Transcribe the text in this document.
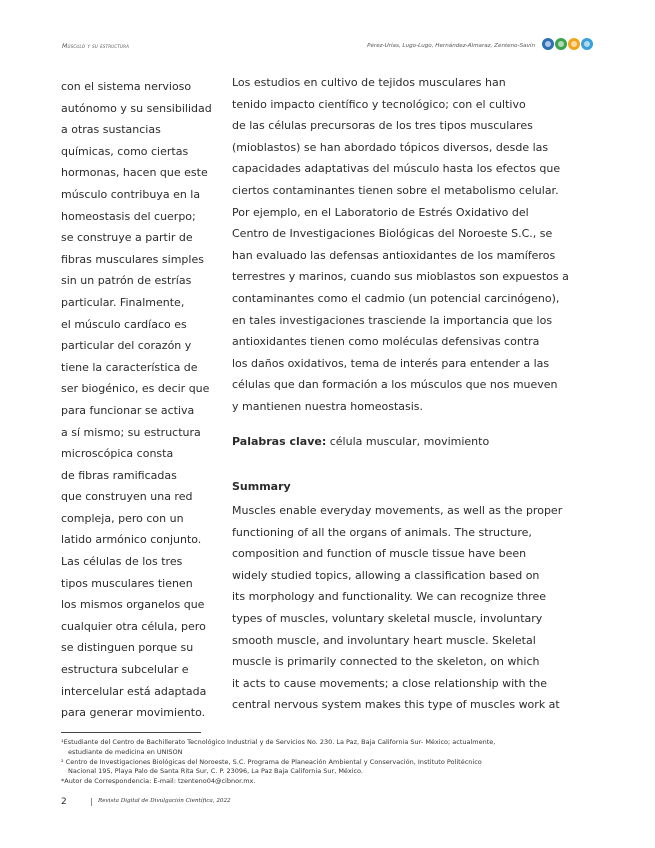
Músculo y su estructura	Pérez-Urías, Lugo-Lugo, Hernández-Almaraz, Zenteno-Savín
con el sistema nervioso
autónomo y su sensibilidad
a otras sustancias
químicas, como ciertas
hormonas, hacen que este
músculo contribuya en la
homeostasis del cuerpo;
se construye a partir de
fibras musculares simples
sin un patrón de estrías
particular. Finalmente,
el músculo cardíaco es
particular del corazón y
tiene la característica de
ser biogénico, es decir que
para funcionar se activa
a sí mismo; su estructura
microscópica consta
de fibras ramificadas
que construyen una red
compleja, pero con un
latido armónico conjunto.
Las células de los tres
tipos musculares tienen
los mismos organelos que
cualquier otra célula, pero
se distinguen porque su
estructura subcelular e
intercelular está adaptada
para generar movimiento.
Los estudios en cultivo de tejidos musculares han
tenido impacto científico y tecnológico; con el cultivo
de las células precursoras de los tres tipos musculares
(mioblastos) se han abordado tópicos diversos, desde las
capacidades adaptativas del músculo hasta los efectos que
ciertos contaminantes tienen sobre el metabolismo celular.
Por ejemplo, en el Laboratorio de Estrés Oxidativo del
Centro de Investigaciones Biológicas del Noroeste S.C., se
han evaluado las defensas antioxidantes de los mamíferos
terrestres y marinos, cuando sus mioblastos son expuestos a
contaminantes como el cadmio (un potencial carcinógeno),
en tales investigaciones trasciende la importancia que los
antioxidantes tienen como moléculas defensivas contra
los daños oxidativos, tema de interés para entender a las
células que dan formación a los músculos que nos mueven
y mantienen nuestra homeostasis.
Palabras clave: célula muscular, movimiento
Summary
Muscles enable everyday movements, as well as the proper
functioning of all the organs of animals. The structure,
composition and function of muscle tissue have been
widely studied topics, allowing a classification based on
its morphology and functionality. We can recognize three
types of muscles, voluntary skeletal muscle, involuntary
smooth muscle, and involuntary heart muscle. Skeletal
muscle is primarily connected to the skeleton, on which
it acts to cause movements; a close relationship with the
central nervous system makes this type of muscles work at
¹Estudiante del Centro de Bachillerato Tecnológico Industrial y de Servicios No. 230. La Paz, Baja California Sur- México; actualmente,
estudiante de medicina en UNISON
² Centro de Investigaciones Biológicas del Noroeste, S.C. Programa de Planeación Ambiental y Conservación, Instituto Politécnico
Nacional 195, Playa Palo de Santa Rita Sur, C. P. 23096, La Paz Baja California Sur, México.
*Autor de Correspondencia: E-mail: tzenteno04@cibnor.mx.
2	| Revista Digital de Divulgación Científica, 2022
